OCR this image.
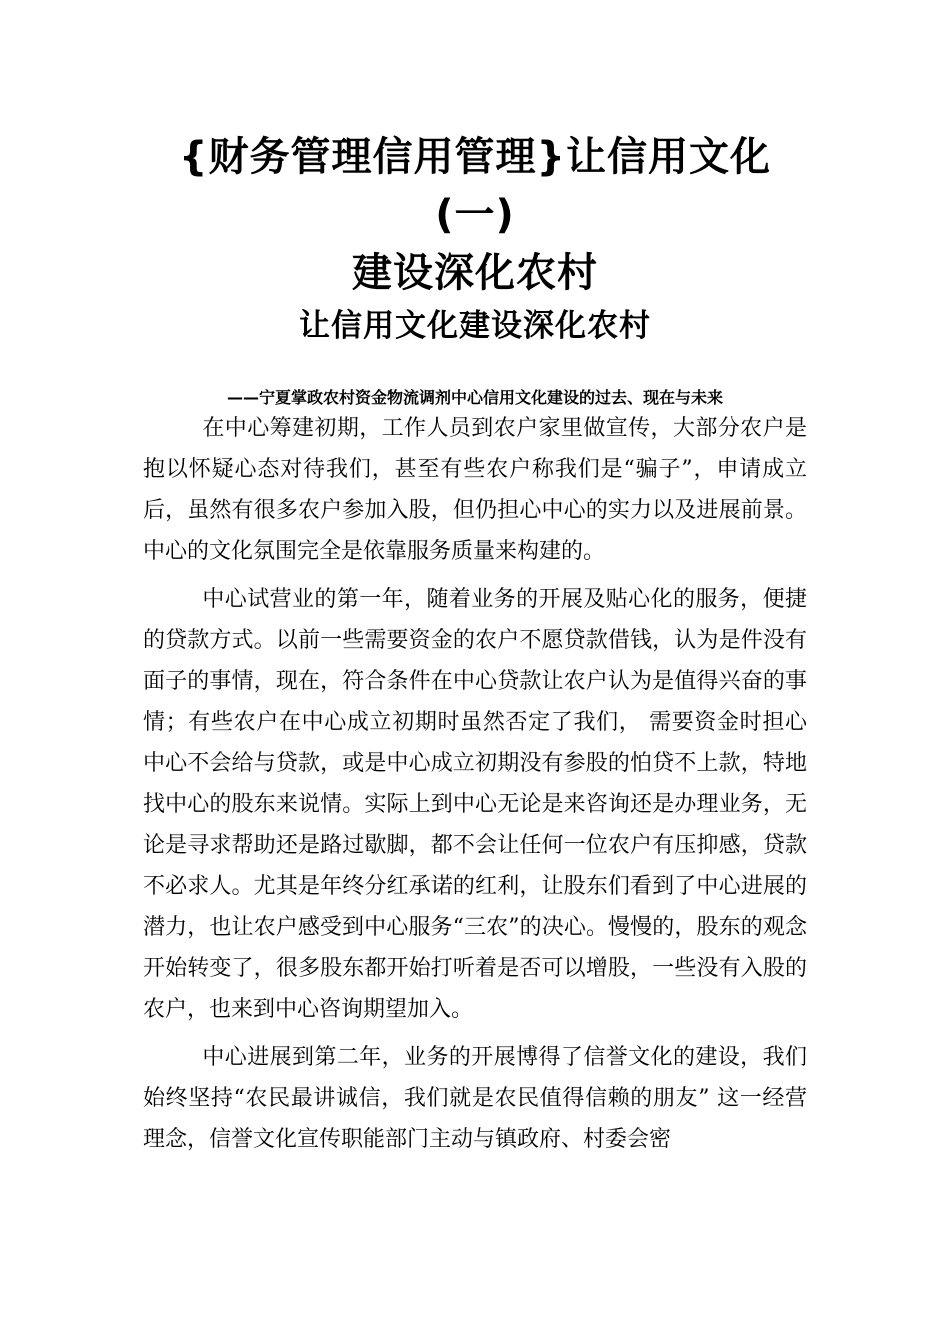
{财务管理信用管理}让信用文化
(一)
建设深化农村
让信用文化建设深化农村
——宁夏掌政农村资金物流调剂中心信用文化建设的过去、现在与未来

在中心筹建初期，工作人员到农户家里做宣传，大部分农户是抱以怀疑心态对待我们，甚至有些农户称我们是“骗子”，申请成立后，虽然有很多农户参加入股，但仍担心中心的实力以及进展前景。中心的文化氛围完全是依靠服务质量来构建的。

中心试营业的第一年，随着业务的开展及贴心化的服务，便捷的贷款方式。以前一些需要资金的农户不愿贷款借钱，认为是件没有面子的事情，现在，符合条件在中心贷款让农户认为是值得兴奋的事情；有些农户在中心成立初期时虽然否定了我们， 需要资金时担心中心不会给与贷款，或是中心成立初期没有参股的怕贷不上款，特地找中心的股东来说情。实际上到中心无论是来咨询还是办理业务，无论是寻求帮助还是路过歇脚，都不会让任何一位农户有压抑感，贷款不必求人。尤其是年终分红承诺的红利，让股东们看到了中心进展的潜力，也让农户感受到中心服务“三农”的决心。慢慢的，股东的观念开始转变了，很多股东都开始打听着是否可以增股，一些没有入股的农户，也来到中心咨询期望加入。

中心进展到第二年，业务的开展博得了信誉文化的建设，我们始终坚持“农民最讲诚信，我们就是农民值得信赖的朋友” 这一经营理念，信誉文化宣传职能部门主动与镇政府、村委会密
